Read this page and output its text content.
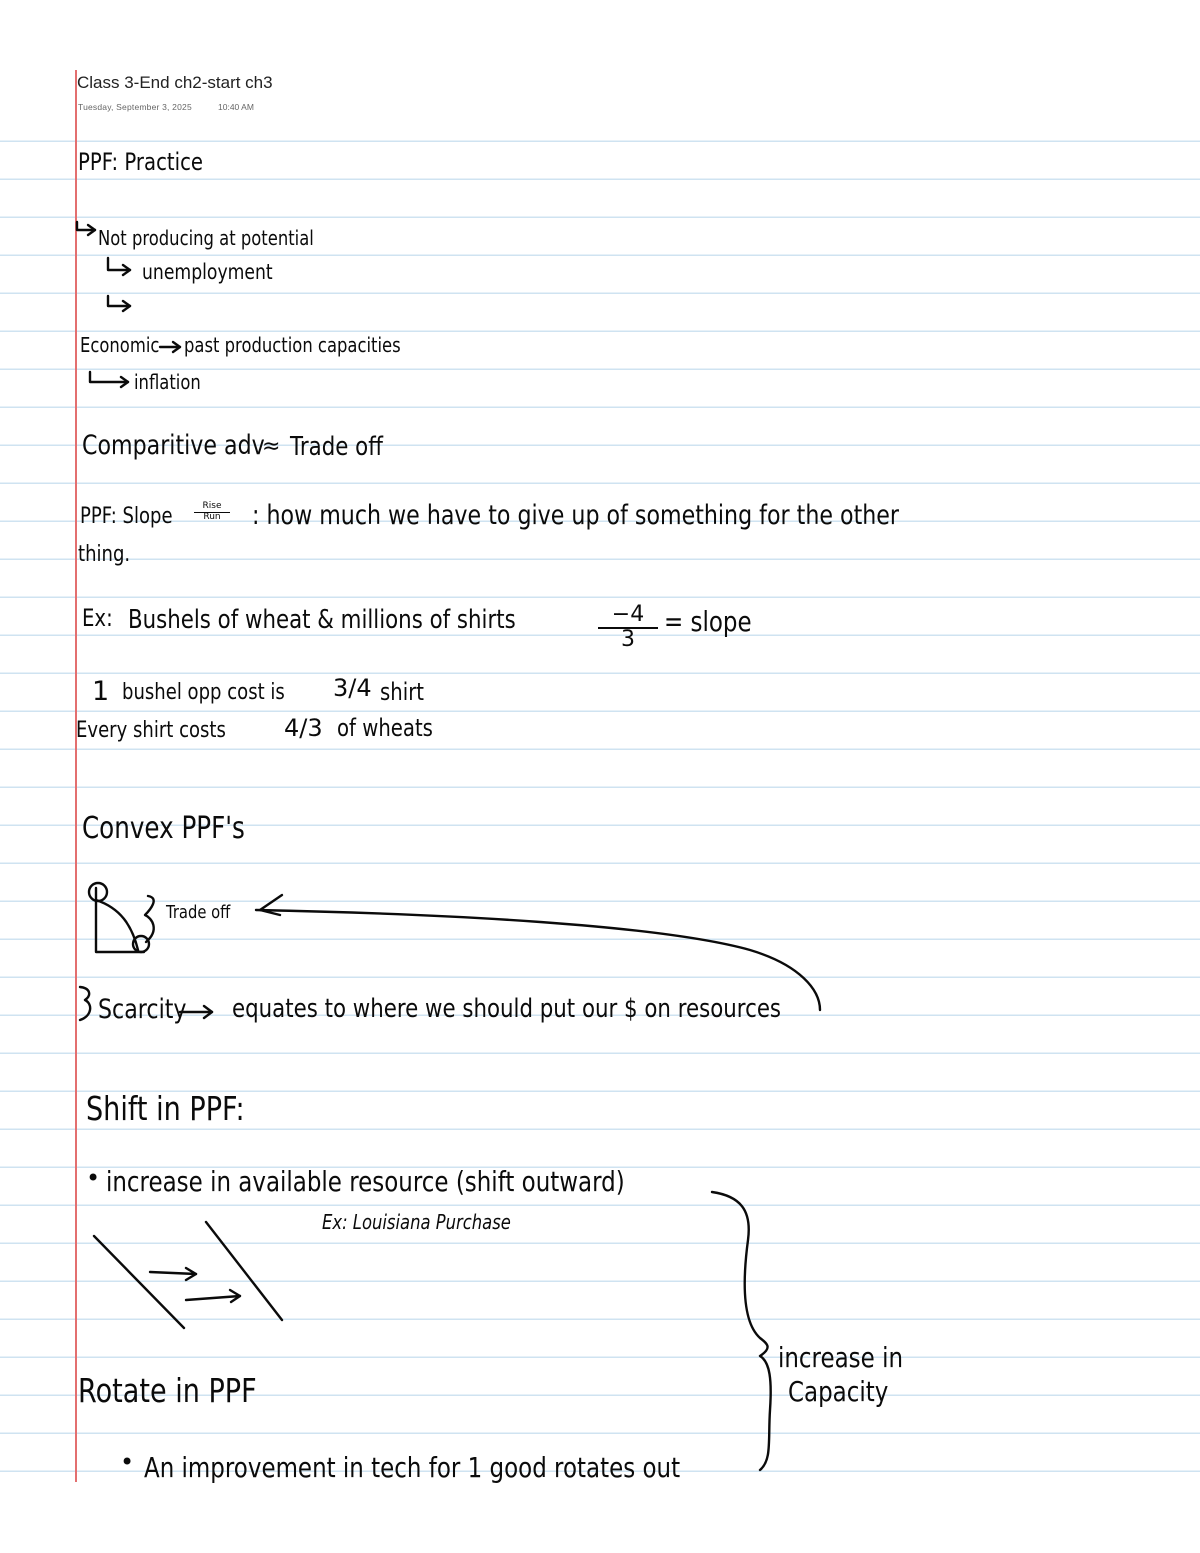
Class 3-End ch2-start ch3
Tuesday, September 3, 2025	10:40 AM
PPF: Practice
Not producing at potential
unemployment
Economic past production capacities
inflation
Comparitive adv
≈ Trade off
PPF: Slope	Rise
Run	: how much we have to give up of something for the other
thing.
Ex: Bushels of wheat & millions of shirts	−4
3
= slope
1 bushel opp cost is 3/4 shirt
Every shirt costs 4/3 of wheats
Convex PPF's
Trade off
Scarcity equates to where we should put our $ on resources
Shift in PPF:
• increase in available resource (shift outward)
Ex: Louisiana Purchase
increase in
Capacity
Rotate in PPF
• An improvement in tech for 1 good rotates out
